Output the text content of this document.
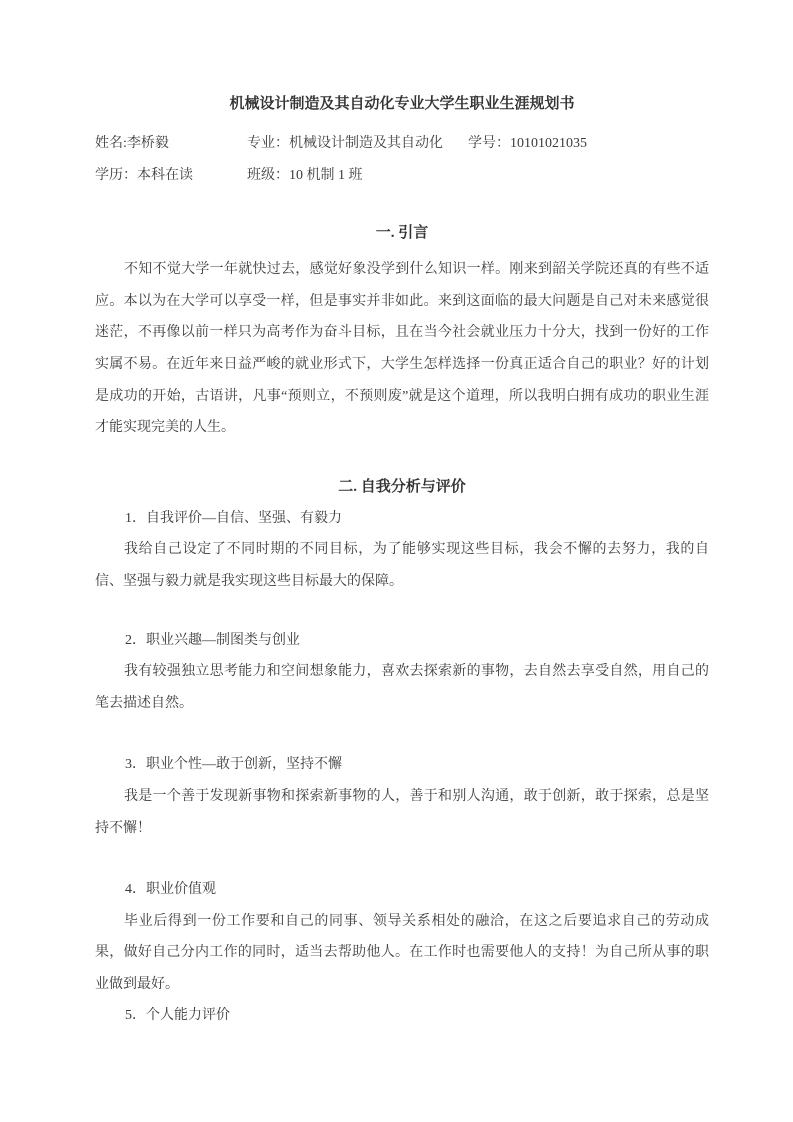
机械设计制造及其自动化专业大学生职业生涯规划书
姓名:李桥毅	专业：机械设计制造及其自动化 学号：10101021035
学历：本科在读	班级：10 机制 1 班
一. 引言

不知不觉大学一年就快过去，感觉好象没学到什么知识一样。刚来到韶关学院还真的有些不适应。本以为在大学可以享受一样，但是事实并非如此。来到这面临的最大问题是自己对未来感觉很迷茫，不再像以前一样只为高考作为奋斗目标，且在当今社会就业压力十分大，找到一份好的工作实属不易。在近年来日益严峻的就业形式下，大学生怎样选择一份真正适合自己的职业？好的计划是成功的开始，古语讲，凡事“预则立，不预则废”就是这个道理，所以我明白拥有成功的职业生涯才能实现完美的人生。

二. 自我分析与评价
1．自我评价—自信、坚强、有毅力

我给自己设定了不同时期的不同目标，为了能够实现这些目标，我会不懈的去努力，我的自信、坚强与毅力就是我实现这些目标最大的保障。

2．职业兴趣—制图类与创业

我有较强独立思考能力和空间想象能力，喜欢去探索新的事物，去自然去享受自然，用自己的笔去描述自然。

3．职业个性—敢于创新，坚持不懈

我是一个善于发现新事物和探索新事物的人，善于和别人沟通，敢于创新，敢于探索，总是坚持不懈！

4．职业价值观

毕业后得到一份工作要和自己的同事、领导关系相处的融洽，在这之后要追求自己的劳动成果，做好自己分内工作的同时，适当去帮助他人。在工作时也需要他人的支持！为自己所从事的职业做到最好。

5．个人能力评价
